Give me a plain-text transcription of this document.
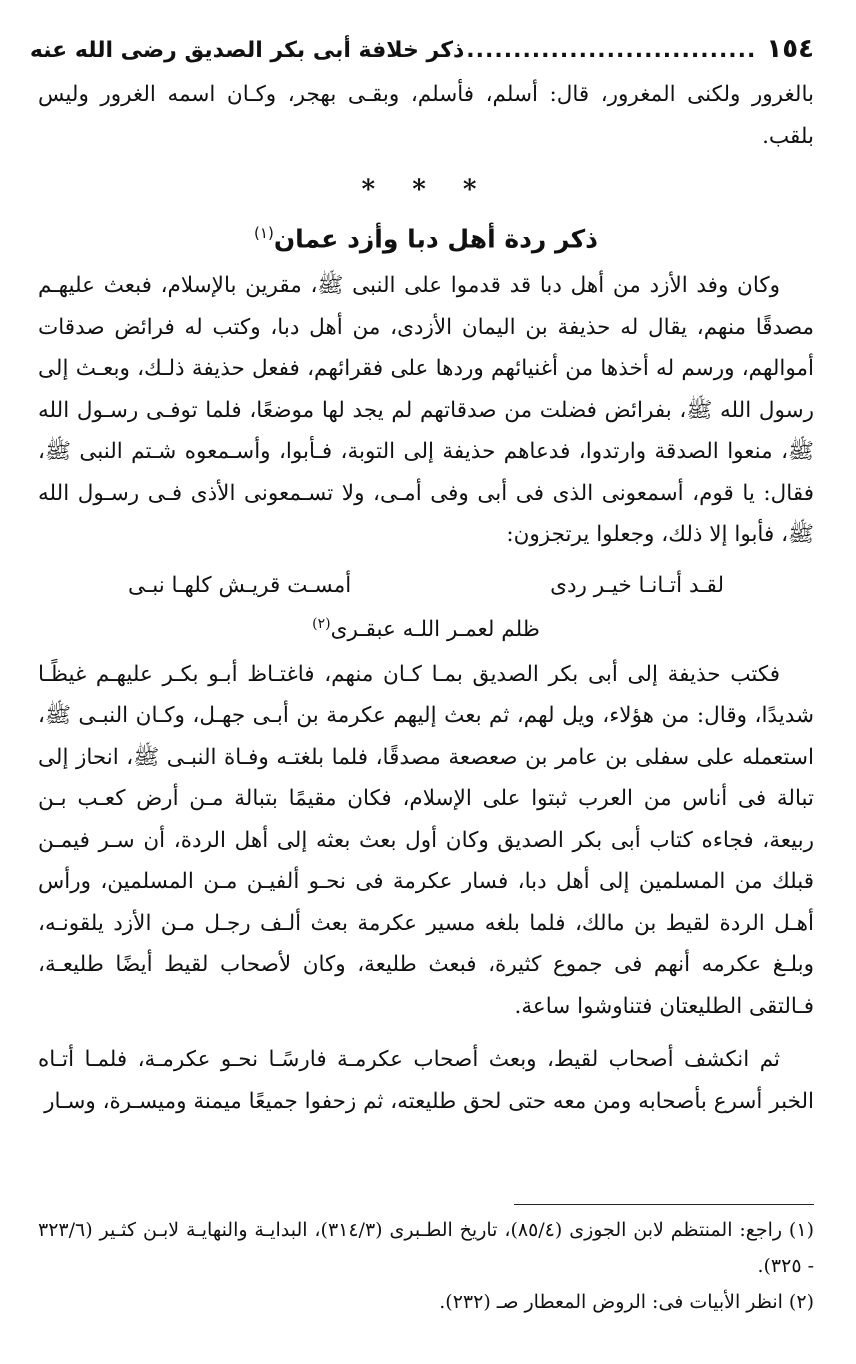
١٥٤
...............................
ذكر خلافة أبى بكر الصديق رضى الله عنه

بالغرور ولكنى المغرور، قال: أسلم، فأسلم، وبقـى بهجر، وكـان اسمه الغرور وليس بلقب.

* * *
ذكر ردة أهل دبا وأزد عمان$^{(١)}$

وكان وفد الأزد من أهل دبا قد قدموا على النبى ﷺ، مقرين بالإسلام، فبعث عليهـم مصدقًا منهم، يقال له حذيفة بن اليمان الأزدى، من أهل دبا، وكتب له فرائض صدقات أموالهم، ورسم له أخذها من أغنيائهم وردها على فقرائهم، ففعل حذيفة ذلـك، وبعـث إلى رسول الله ﷺ، بفرائض فضلت من صدقاتهم لم يجد لها موضعًا، فلما توفـى رسـول الله ﷺ، منعوا الصدقة وارتدوا، فدعاهم حذيفة إلى التوبة، فـأبوا، وأسـمعوه شـتم النبى ﷺ، فقال: يا قوم، أسمعونى الذى فى أبى وفى أمـى، ولا تسـمعونى الأذى فـى رسـول الله ﷺ، فأبوا إلا ذلك، وجعلوا يرتجزون:

لقـد أتـانـا خيـر ردى
أمسـت قريـش كلهـا نبـى
ظلم لعمـر اللـه عبقـرى$^{(٢)}$

فكتب حذيفة إلى أبى بكر الصديق بمـا كـان منهم، فاغتـاظ أبـو بكـر عليهـم غيظًـا شديدًا، وقال: من هؤلاء، ويل لهم، ثم بعث إليهم عكرمة بن أبـى جهـل، وكـان النبـى ﷺ، استعمله على سفلى بن عامر بن صعصعة مصدقًا، فلما بلغتـه وفـاة النبـى ﷺ، انحاز إلى تبالة فى أناس من العرب ثبتوا على الإسلام، فكان مقيمًا بتبالة مـن أرض كعـب بـن ربيعة، فجاءه كتاب أبى بكر الصديق وكان أول بعث بعثه إلى أهل الردة، أن سـر فيمـن قبلك من المسلمين إلى أهل دبا، فسار عكرمة فى نحـو ألفيـن مـن المسلمين، ورأس أهـل الردة لقيط بن مالك، فلما بلغه مسير عكرمة بعث ألـف رجـل مـن الأزد يلقونـه، وبلـغ عكرمه أنهم فى جموع كثيرة، فبعث طليعة، وكان لأصحاب لقيط أيضًا طليعـة، فـالتقى الطليعتان فتناوشوا ساعة.

ثم انكشف أصحاب لقيط، وبعث أصحاب عكرمـة فارسًـا نحـو عكرمـة، فلمـا أتـاه الخبر أسرع بأصحابه ومن معه حتى لحق طليعته، ثم زحفوا جميعًا ميمنة وميسـرة، وسـار

(١) راجع: المنتظم لابن الجوزى (٨٥/٤)، تاريخ الطـبرى (٣١٤/٣)، البدايـة والنهايـة لابـن كثـير (٣٢٣/٦ - ٣٢٥).

(٢) انظر الأبيات فى: الروض المعطار صـ (٢٣٢).
